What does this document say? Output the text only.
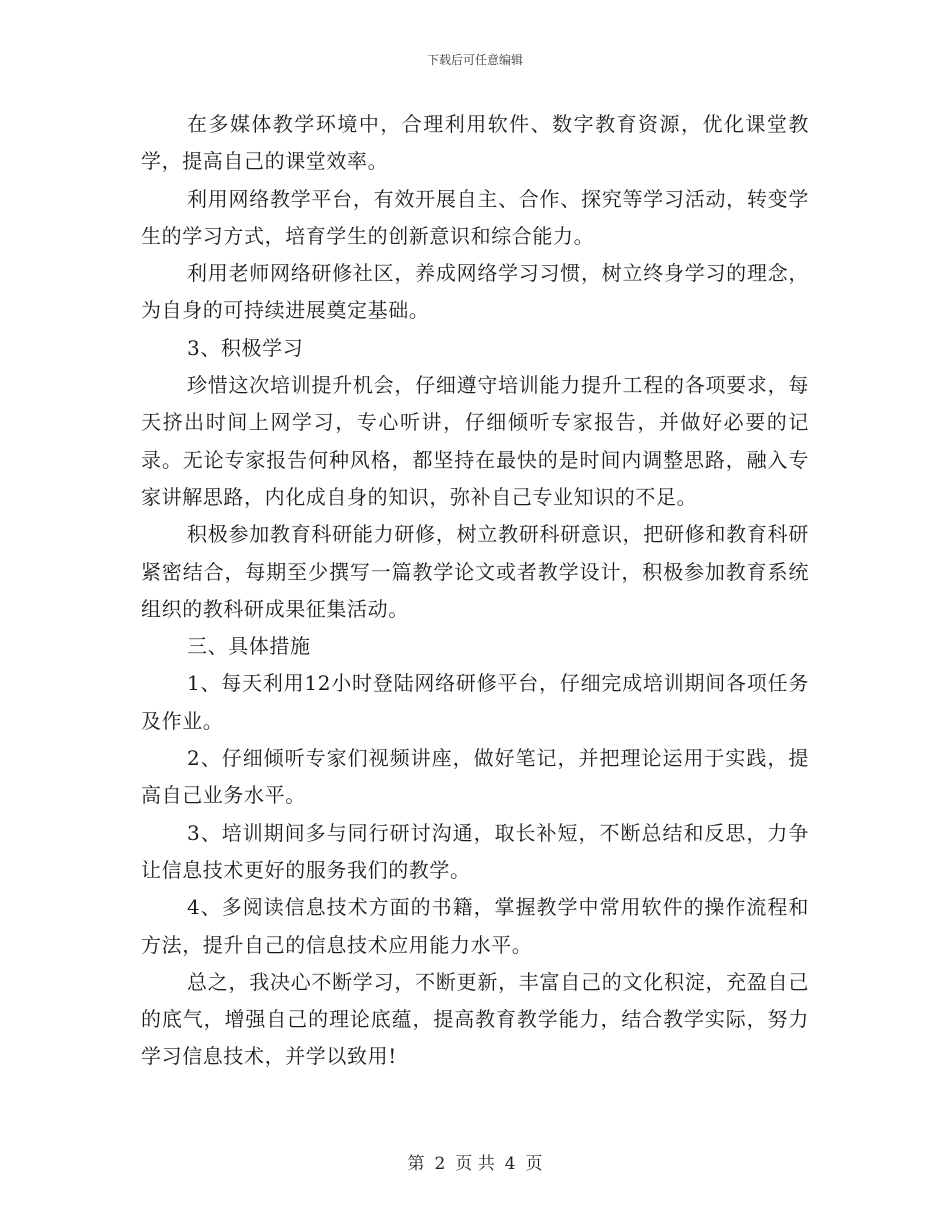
下载后可任意编辑

在多媒体教学环境中，合理利用软件、数字教育资源，优化课堂教学，提高自己的课堂效率。

利用网络教学平台，有效开展自主、合作、探究等学习活动，转变学生的学习方式，培育学生的创新意识和综合能力。

利用老师网络研修社区，养成网络学习习惯，树立终身学习的理念，为自身的可持续进展奠定基础。

3、积极学习

珍惜这次培训提升机会，仔细遵守培训能力提升工程的各项要求，每天挤出时间上网学习，专心听讲，仔细倾听专家报告，并做好必要的记录。无论专家报告何种风格，都坚持在最快的是时间内调整思路，融入专家讲解思路，内化成自身的知识，弥补自己专业知识的不足。

积极参加教育科研能力研修，树立教研科研意识，把研修和教育科研紧密结合，每期至少撰写一篇教学论文或者教学设计，积极参加教育系统组织的教科研成果征集活动。

三、具体措施

1、每天利用12小时登陆网络研修平台，仔细完成培训期间各项任务及作业。

2、仔细倾听专家们视频讲座，做好笔记，并把理论运用于实践，提高自己业务水平。

3、培训期间多与同行研讨沟通，取长补短，不断总结和反思，力争让信息技术更好的服务我们的教学。

4、多阅读信息技术方面的书籍，掌握教学中常用软件的操作流程和方法，提升自己的信息技术应用能力水平。

总之，我决心不断学习，不断更新，丰富自己的文化积淀，充盈自己的底气，增强自己的理论底蕴，提高教育教学能力，结合教学实际，努力学习信息技术，并学以致用!

第 2 页 共 4 页
